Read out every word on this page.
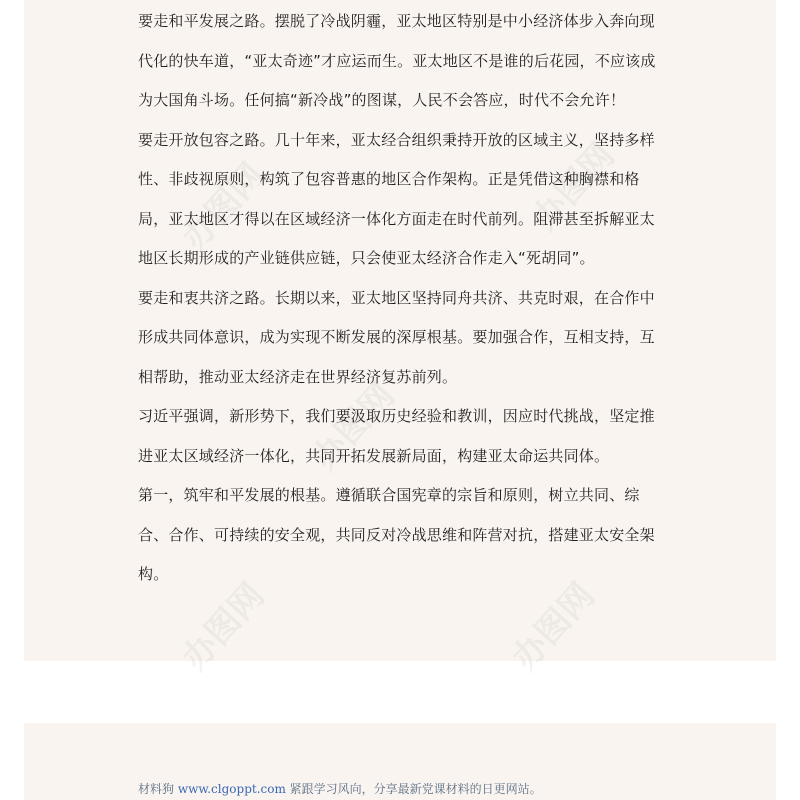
要走和平发展之路。摆脱了冷战阴霾，亚太地区特别是中小经济体步入奔向现代化的快车道，“亚太奇迹”才应运而生。亚太地区不是谁的后花园，不应该成为大国角斗场。任何搞“新冷战”的图谋，人民不会答应，时代不会允许！

要走开放包容之路。几十年来，亚太经合组织秉持开放的区域主义，坚持多样性、非歧视原则，构筑了包容普惠的地区合作架构。正是凭借这种胸襟和格局，亚太地区才得以在区域经济一体化方面走在时代前列。阻滞甚至拆解亚太地区长期形成的产业链供应链，只会使亚太经济合作走入“死胡同”。

要走和衷共济之路。长期以来，亚太地区坚持同舟共济、共克时艰，在合作中形成共同体意识，成为实现不断发展的深厚根基。要加强合作，互相支持，互相帮助，推动亚太经济走在世界经济复苏前列。

习近平强调，新形势下，我们要汲取历史经验和教训，因应时代挑战，坚定推进亚太区域经济一体化，共同开拓发展新局面，构建亚太命运共同体。

第一，筑牢和平发展的根基。遵循联合国宪章的宗旨和原则，树立共同、综合、合作、可持续的安全观，共同反对冷战思维和阵营对抗，搭建亚太安全架构。

材料狗 www.clgoppt.com 紧跟学习风向，分享最新党课材料的日更网站。
